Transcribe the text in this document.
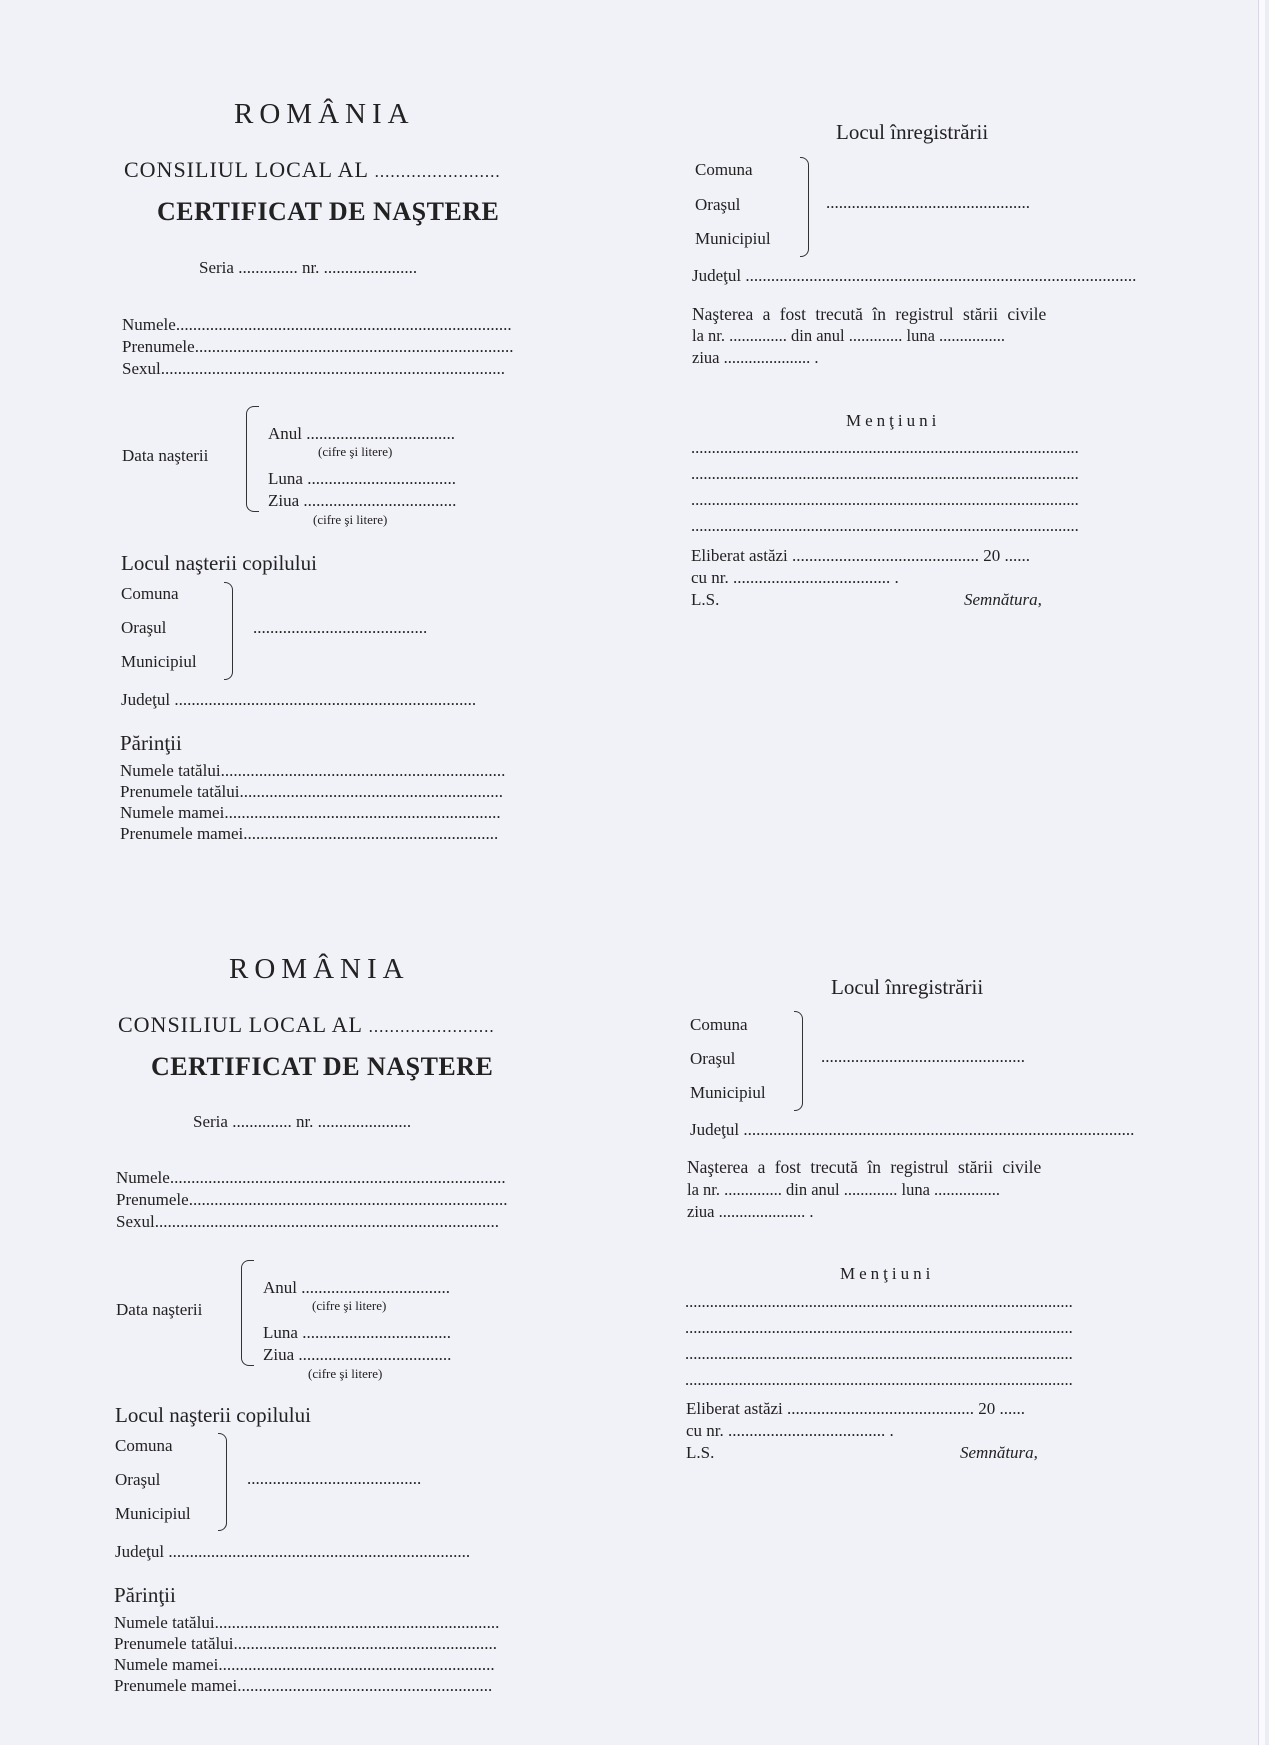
ROMÂNIA
CONSILIUL LOCAL AL ........................
CERTIFICAT DE NAŞTERE
Seria .............. nr. ......................
Numele...............................................................................
Prenumele...........................................................................
Sexul.................................................................................
Data naşterii
Anul ...................................
(cifre şi litere)
Luna ...................................
Ziua ....................................
(cifre şi litere)
Locul naşterii copilului
Comuna
Oraşul
Municipiul
.........................................
Judeţul .......................................................................
Părinţii
Numele tatălui...................................................................
Prenumele tatălui..............................................................
Numele mamei.................................................................
Prenumele mamei............................................................
Locul înregistrării
Comuna
Oraşul
Municipiul
................................................
Judeţul ............................................................................................
Naşterea a fost trecută în registrul stării civile
la nr. .............. din anul ............. luna ................
ziua ..................... .
Menţiuni
..............................................................................................
..............................................................................................
..............................................................................................
..............................................................................................
Eliberat astăzi ............................................ 20 ......
cu nr. ..................................... .
L.S.	Semnătura,
ROMÂNIA
CONSILIUL LOCAL AL ........................
CERTIFICAT DE NAŞTERE
Seria .............. nr. ......................
Numele...............................................................................
Prenumele...........................................................................
Sexul.................................................................................
Data naşterii
Anul ...................................
(cifre şi litere)
Luna ...................................
Ziua ....................................
(cifre şi litere)
Locul naşterii copilului
Comuna
Oraşul
Municipiul
.........................................
Judeţul .......................................................................
Părinţii
Numele tatălui...................................................................
Prenumele tatălui..............................................................
Numele mamei.................................................................
Prenumele mamei............................................................
Locul înregistrării
Comuna
Oraşul
Municipiul
................................................
Judeţul ............................................................................................
Naşterea a fost trecută în registrul stării civile
la nr. .............. din anul ............. luna ................
ziua ..................... .
Menţiuni
..............................................................................................
..............................................................................................
..............................................................................................
..............................................................................................
Eliberat astăzi ............................................ 20 ......
cu nr. ..................................... .
L.S.	Semnătura,
